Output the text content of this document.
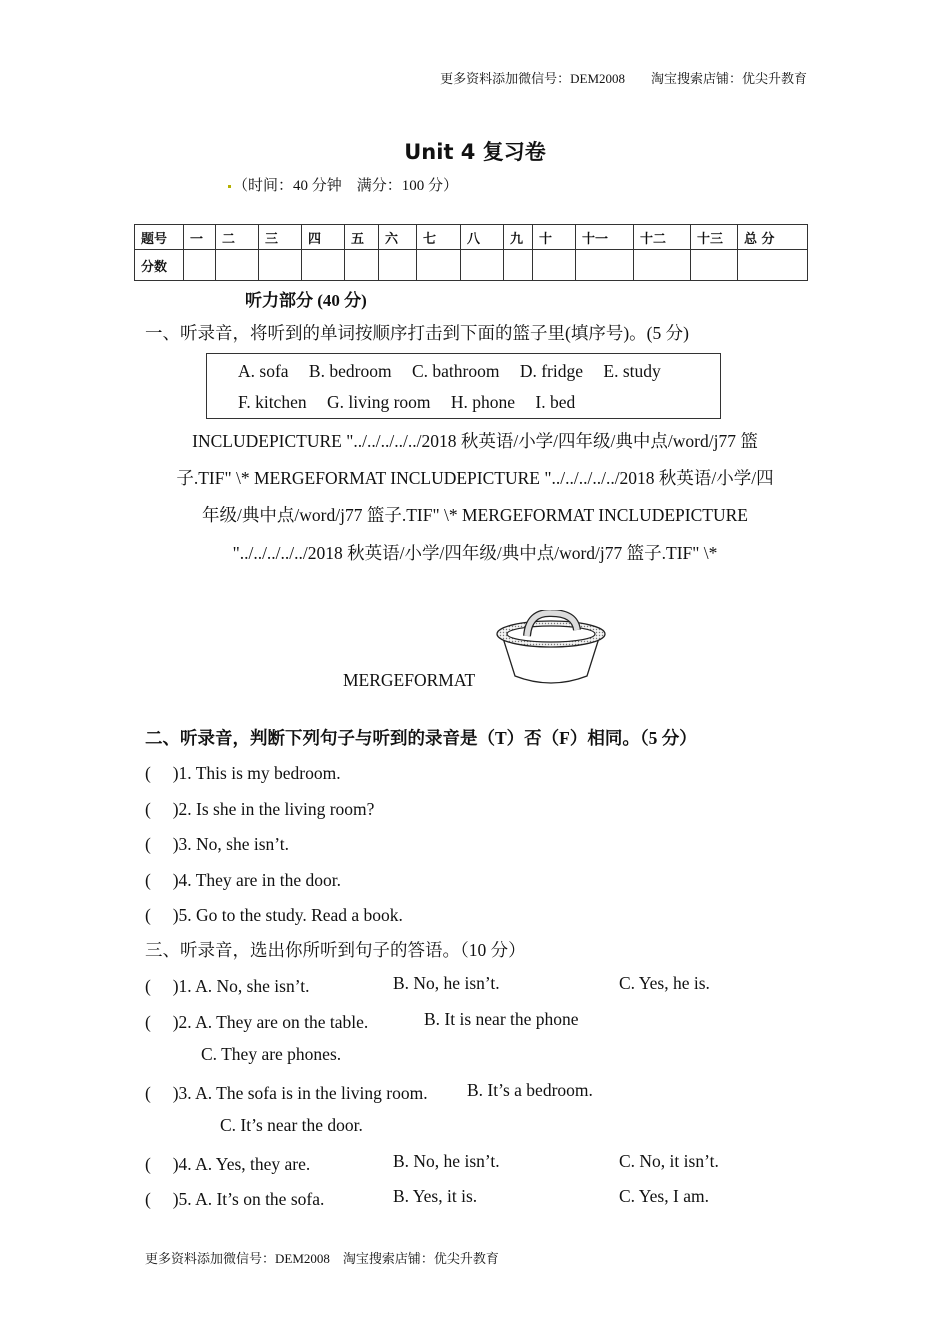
更多资料添加微信号：DEM2008　　淘宝搜索店铺：优尖升教育
Unit 4 复习卷
（时间：40 分钟　满分：100 分）
题号	一	二	三	四	五	六	七	八	九	十	十一	十二	十三	总 分
分数														
听力部分 (40 分)
一、听录音，将听到的单词按顺序打击到下面的篮子里(填序号)。(5 分)
A. sofa B. bedroom C. bathroom D. fridge E. study
F. kitchen G. living room H. phone I. bed
INCLUDEPICTURE "../../../../../2018 秋英语/小学/四年级/典中点/word/j77 篮
子.TIF" \* MERGEFORMAT INCLUDEPICTURE "../../../../../2018 秋英语/小学/四
年级/典中点/word/j77 篮子.TIF" \* MERGEFORMAT INCLUDEPICTURE
"../../../../../2018 秋英语/小学/四年级/典中点/word/j77 篮子.TIF" \*
MERGEFORMAT
二、听录音，判断下列句子与听到的录音是（T）否（F）相同。（5 分）
(　 )1. This is my bedroom.
(　 )2. Is she in the living room?
(　 )3. No, she isn’t.
(　 )4. They are in the door.
(　 )5. Go to the study. Read a book.
三、听录音，选出你所听到句子的答语。（10 分）
(　 )1. A. No, she isn’t.	B. No, he isn’t.	C. Yes, he is.
(　 )2. A. They are on the table.	B. It is near the phone
C. They are phones.
(　 )3. A. The sofa is in the living room. B. It’s a bedroom.
C. It’s near the door.
(　 )4. A. Yes, they are.	B. No, he isn’t.	C. No, it isn’t.
(　 )5. A. It’s on the sofa.	B. Yes, it is.	C. Yes, I am.
更多资料添加微信号：DEM2008　淘宝搜索店铺：优尖升教育
